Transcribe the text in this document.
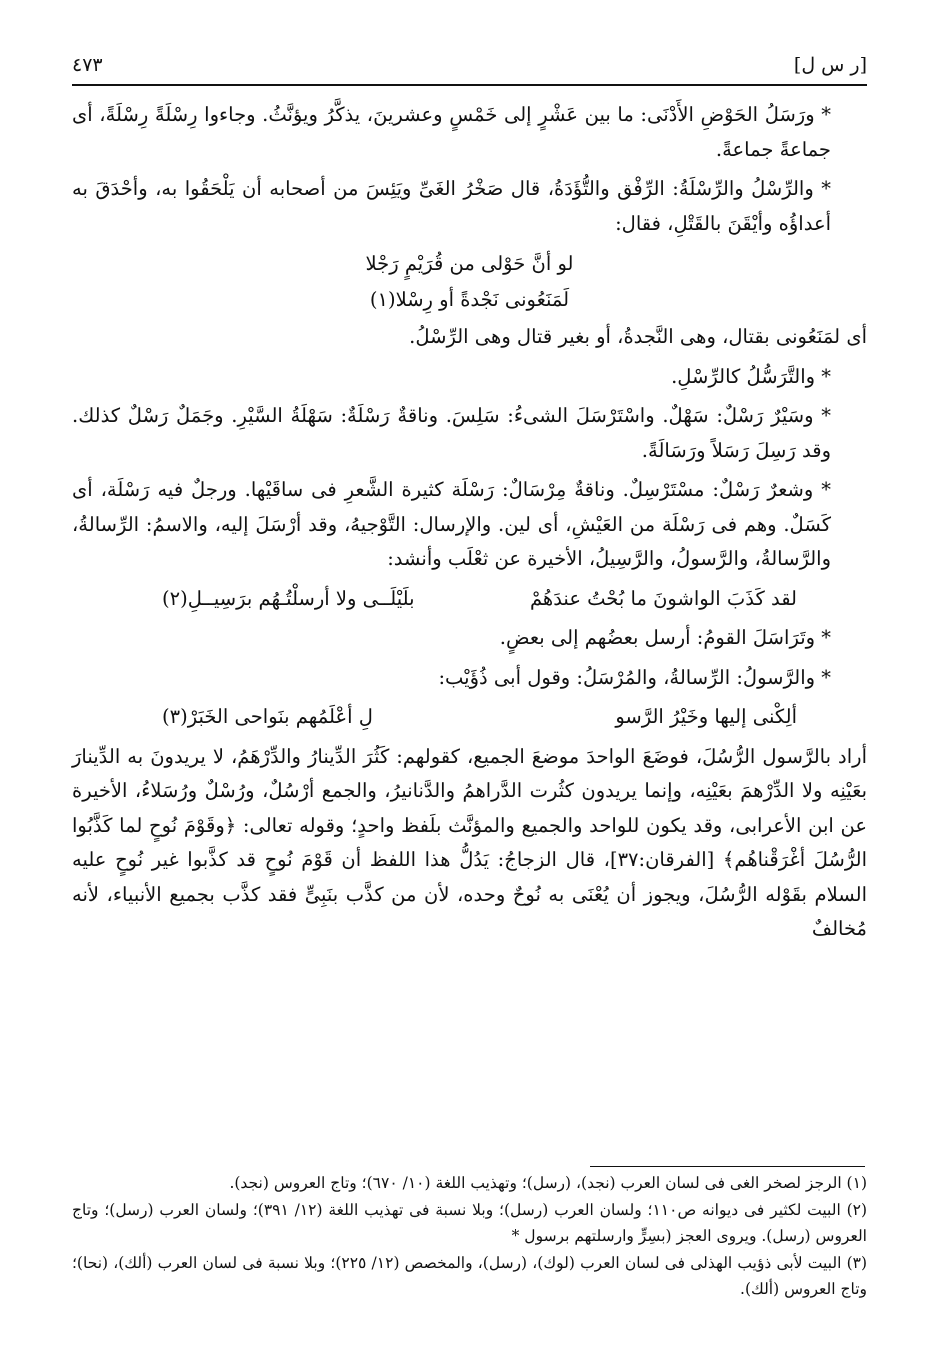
[ر س ل]
٤٧٣

* ورَسَلُ الحَوْضِ الأَدْنَى: ما بين عَشْرٍ إلى خَمْسٍ وعشرينَ، يذكَّرُ ويؤنَّثُ. وجاءوا رِسْلَةً رِسْلَةً، أى جماعةً جماعةً.

* والرِّسْلُ والرِّسْلَةُ: الرِّفْق والتُّؤَدَةُ، قال صَخْرُ الغَىِّ ويَئِسَ من أصحابه أن يَلْحَقُوا به، وأحْدَقَ به أعداؤُه وأيْقَنَ بالقَتْلِ، فقال:

لو أنَّ حَوْلى من قُرَيْمٍ رَجْلا
لَمَنَعُونى نَجْدةً أو رِسْلا(١)

أى لمَنَعُونى بقتال، وهى النَّجدةُ، أو بغير قتال وهى الرِّسْلُ.

* والتَّرَسُّلُ كالرِّسْلِ.

* وسَيْرٌ رَسْلٌ: سَهْلٌ. واسْتَرْسَلَ الشىءُ: سَلِسَ. وناقةٌ رَسْلَةٌ: سَهْلَةُ السَّيْرِ. وجَمَلٌ رَسْلٌ كذلك. وقد رَسِلَ رَسَلاً ورَسَالَةً.

* وشعرٌ رَسْلٌ: مسْتَرْسِلٌ. وناقةٌ مِرْسَالٌ: رَسْلَة كثيرة الشَّعرِ فى ساقَيْها. ورجلٌ فيه رَسْلَة، أى كَسَلٌ. وهم فى رَسْلَة من العَيْشِ، أى لين. والإرسال: التَّوْجيهُ، وقد أرْسَلَ إليه، والاسمُ: الرِّسالةُ، والرَّسالةُ، والرَّسولُ، والرَّسِيلُ، الأخيرة عن ثعْلَب وأنشد:

لقد كَذَبَ الواشونَ ما بُحْتُ عندَهُمْ
بلَيْلَــى ولا أرسلْتُـهُم برَسِيــلِ(٢)

* وتَرَاسَلَ القومُ: أرسل بعضُهم إلى بعضٍ.

* والرَّسولُ: الرِّسالةُ، والمُرْسَلُ: وقول أبى ذُؤَيْب:

ألِكْنى إليها وخَيْرُ الرَّسو
لِ أعْلَمُهم بنَواحى الخَبَرْ(٣)

أراد بالرَّسول الرُّسُلَ، فوضَعَ الواحدَ موضعَ الجميع، كقولهم: كَثُرَ الدِّينارُ والدِّرْهَمُ، لا يريدونَ به الدِّينارَ بعَيْنِه ولا الدِّرْهمَ بعَيْنِه، وإنما يريدون كثُرت الدَّراهمُ والدَّنانيرُ، والجمع أرْسُلٌ، ورُسْلٌ ورُسَلاءُ، الأخيرة عن ابن الأعرابى، وقد يكون للواحد والجميع والمؤنَّث بلَفظ واحدٍ؛ وقوله تعالى: ﴿وقَوْمَ نُوحٍ لما كَذَّبُوا الرُّسُلَ أغْرَقْناهُم﴾ [الفرقان:٣٧]، قال الزجاجُ: يَدُلُّ هذا اللفظ أن قَوْمَ نُوحٍ قد كذَّبوا غير نُوحٍ عليه السلام بقَوْله الرُّسُلَ، ويجوز أن يُعْنَى به نُوحٌ وحده، لأن من كذَّب بنَبِىٍّ فقد كذَّب بجميع الأنبياء، لأنه مُخالفٌ

(١) الرجز لصخر الغى فى لسان العرب (نجد)، (رسل)؛ وتهذيب اللغة (١٠/ ٦٧٠)؛ وتاج العروس (نجد).

(٢) البيت لكثير فى ديوانه ص١١٠؛ ولسان العرب (رسل)؛ وبلا نسبة فى تهذيب اللغة (١٢/ ٣٩١)؛ ولسان العرب (رسل)؛ وتاج العروس (رسل). ويروى العجز (بسِرٍّ وارسلتهم برسول *

(٣) البيت لأبى ذؤيب الهذلى فى لسان العرب (لوك)، (رسل)، والمخصص (١٢/ ٢٢٥)؛ وبلا نسبة فى لسان العرب (ألك)، (نحا)؛ وتاج العروس (ألك).
